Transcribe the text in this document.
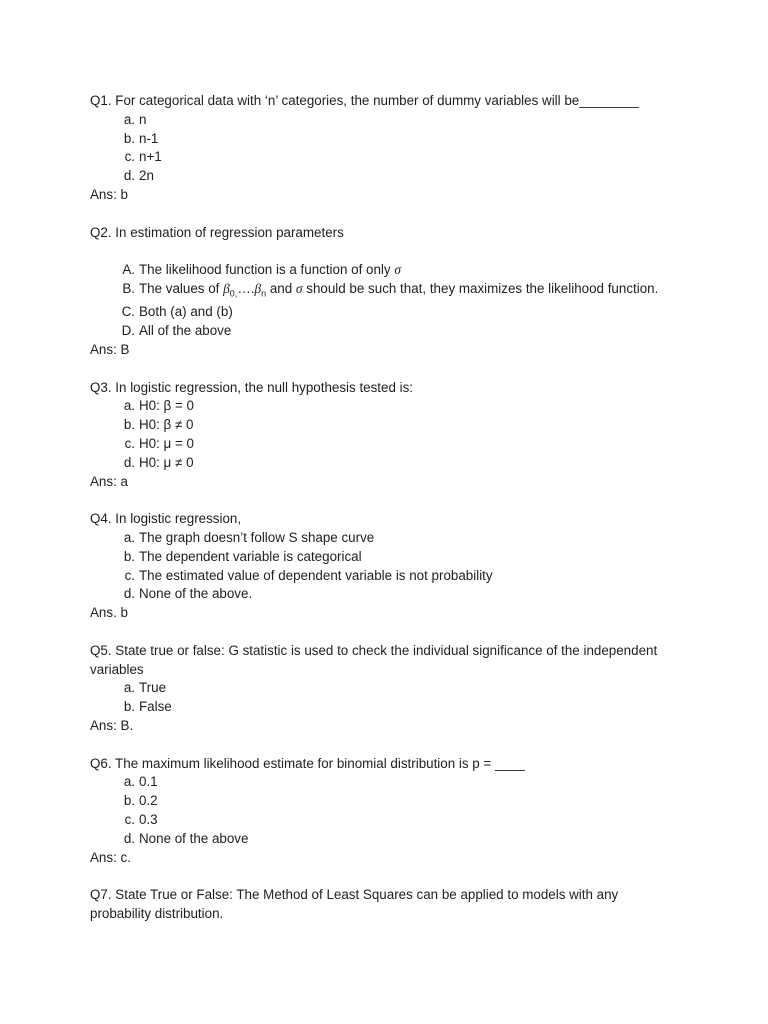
Q1. For categorical data with ‘n’ categories, the number of dummy variables will be________
a. n
b. n-1
c. n+1
d. 2n
Ans: b
Q2. In estimation of regression parameters
A. The likelihood function is a function of only σ
B. The values of $\beta_{0,}\dots.\beta_n$ and σ should be such that, they maximizes the likelihood function.
C. Both (a) and (b)
D. All of the above
Ans: B
Q3. In logistic regression, the null hypothesis tested is:
a. H0: β = 0
b. H0: β ≠ 0
c. H0: μ = 0
d. H0: μ ≠ 0
Ans: a
Q4. In logistic regression,
a. The graph doesn’t follow S shape curve
b. The dependent variable is categorical
c. The estimated value of dependent variable is not probability
d. None of the above.
Ans. b
Q5. State true or false: G statistic is used to check the individual significance of the independent variables
a. True
b. False
Ans: B.
Q6. The maximum likelihood estimate for binomial distribution is p = ____
a. 0.1
b. 0.2
c. 0.3
d. None of the above
Ans: c.
Q7. State True or False: The Method of Least Squares can be applied to models with any probability distribution.
